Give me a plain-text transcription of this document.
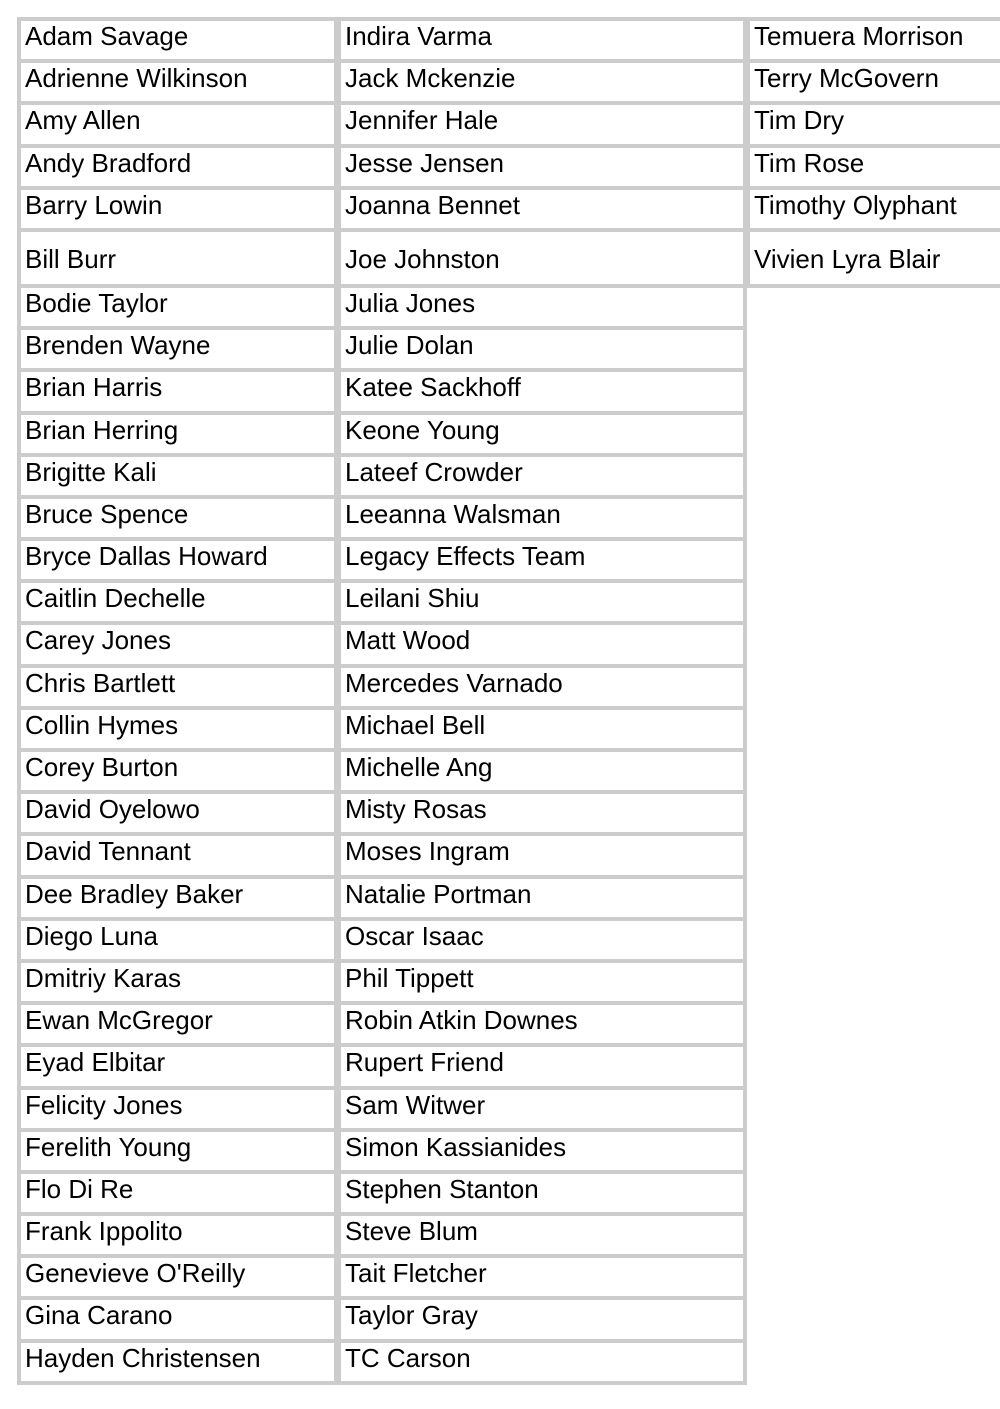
Adam Savage
Adrienne Wilkinson
Amy Allen
Andy Bradford
Barry Lowin
Bill Burr
Bodie Taylor
Brenden Wayne
Brian Harris
Brian Herring
Brigitte Kali
Bruce Spence
Bryce Dallas Howard
Caitlin Dechelle
Carey Jones
Chris Bartlett
Collin Hymes
Corey Burton
David Oyelowo
David Tennant
Dee Bradley Baker
Diego Luna
Dmitriy Karas
Ewan McGregor
Eyad Elbitar
Felicity Jones
Ferelith Young
Flo Di Re
Frank Ippolito
Genevieve O'Reilly
Gina Carano
Hayden Christensen
Indira Varma
Jack Mckenzie
Jennifer Hale
Jesse Jensen
Joanna Bennet
Joe Johnston
Julia Jones
Julie Dolan
Katee Sackhoff
Keone Young
Lateef Crowder
Leeanna Walsman
Legacy Effects Team
Leilani Shiu
Matt Wood
Mercedes Varnado
Michael Bell
Michelle Ang
Misty Rosas
Moses Ingram
Natalie Portman
Oscar Isaac
Phil Tippett
Robin Atkin Downes
Rupert Friend
Sam Witwer
Simon Kassianides
Stephen Stanton
Steve Blum
Tait Fletcher
Taylor Gray
TC Carson
Temuera Morrison
Terry McGovern
Tim Dry
Tim Rose
Timothy Olyphant
Vivien Lyra Blair
